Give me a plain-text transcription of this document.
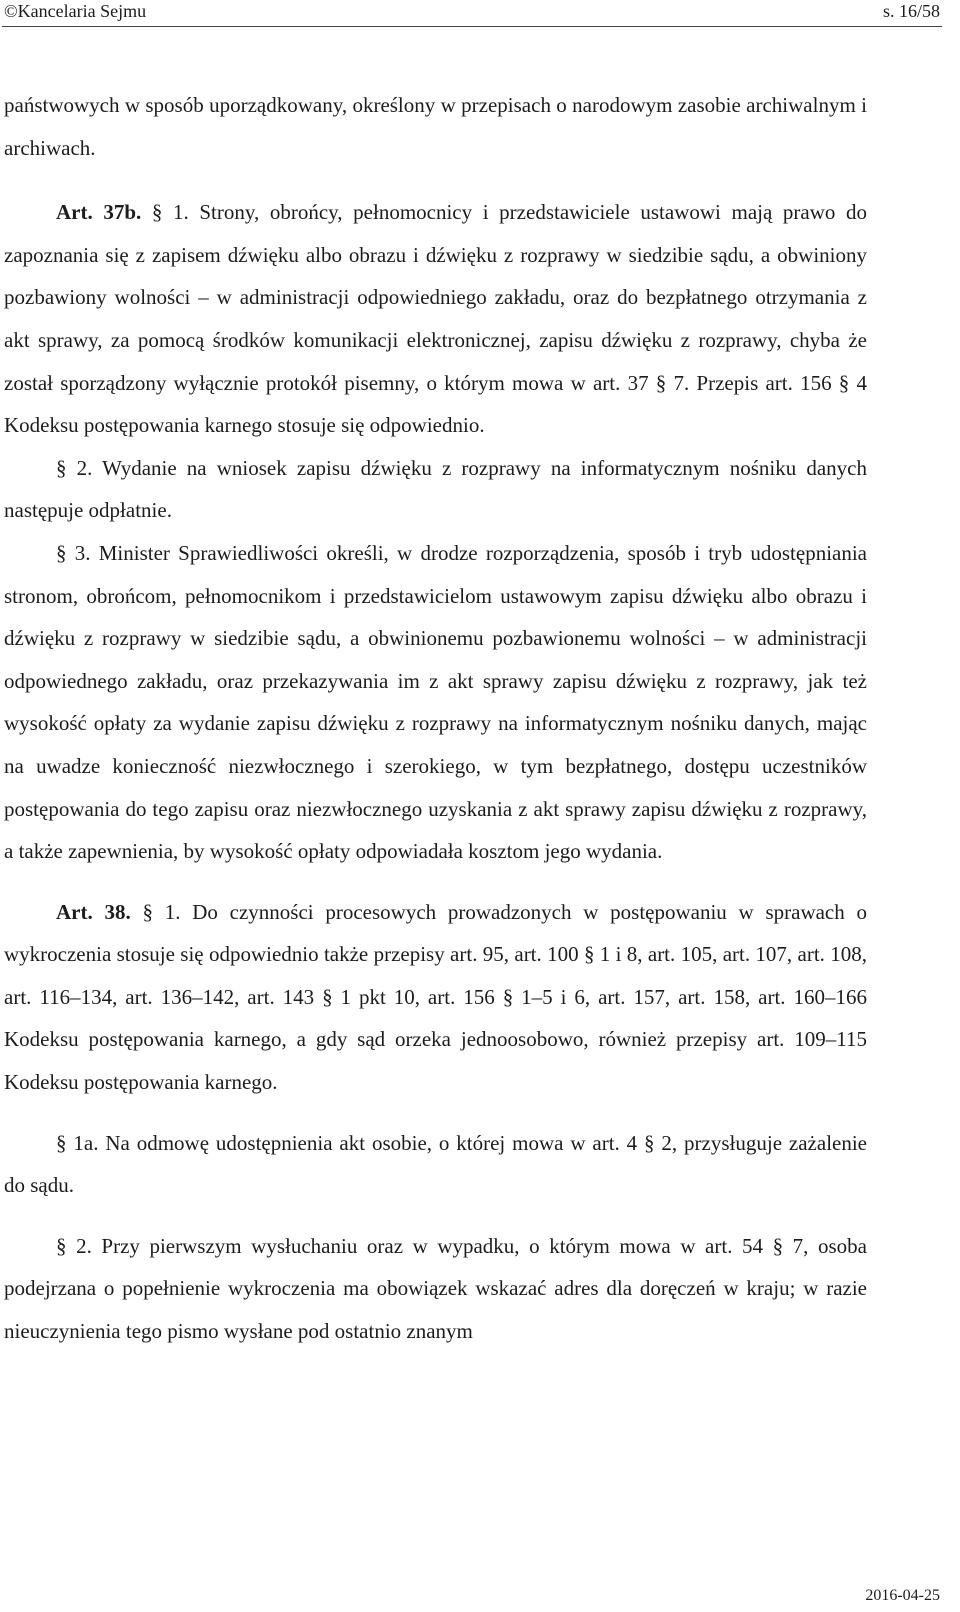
©Kancelaria Sejmu	s. 16/58

państwowych w sposób uporządkowany, określony w przepisach o narodowym zasobie archiwalnym i archiwach.

Art. 37b. § 1. Strony, obrońcy, pełnomocnicy i przedstawiciele ustawowi mają prawo do zapoznania się z zapisem dźwięku albo obrazu i dźwięku z rozprawy w siedzibie sądu, a obwiniony pozbawiony wolności – w administracji odpowiedniego zakładu, oraz do bezpłatnego otrzymania z akt sprawy, za pomocą środków komunikacji elektronicznej, zapisu dźwięku z rozprawy, chyba że został sporządzony wyłącznie protokół pisemny, o którym mowa w art. 37 § 7. Przepis art. 156 § 4 Kodeksu postępowania karnego stosuje się odpowiednio.

§ 2. Wydanie na wniosek zapisu dźwięku z rozprawy na informatycznym nośniku danych następuje odpłatnie.

§ 3. Minister Sprawiedliwości określi, w drodze rozporządzenia, sposób i tryb udostępniania stronom, obrońcom, pełnomocnikom i przedstawicielom ustawowym zapisu dźwięku albo obrazu i dźwięku z rozprawy w siedzibie sądu, a obwinionemu pozbawionemu wolności – w administracji odpowiednego zakładu, oraz przekazywania im z akt sprawy zapisu dźwięku z rozprawy, jak też wysokość opłaty za wydanie zapisu dźwięku z rozprawy na informatycznym nośniku danych, mając na uwadze konieczność niezwłocznego i szerokiego, w tym bezpłatnego, dostępu uczestników postępowania do tego zapisu oraz niezwłocznego uzyskania z akt sprawy zapisu dźwięku z rozprawy, a także zapewnienia, by wysokość opłaty odpowiadała kosztom jego wydania.

Art. 38. § 1. Do czynności procesowych prowadzonych w postępowaniu w sprawach o wykroczenia stosuje się odpowiednio także przepisy art. 95, art. 100 § 1 i 8, art. 105, art. 107, art. 108, art. 116–134, art. 136–142, art. 143 § 1 pkt 10, art. 156 § 1–5 i 6, art. 157, art. 158, art. 160–166 Kodeksu postępowania karnego, a gdy sąd orzeka jednoosobowo, również przepisy art. 109–115 Kodeksu postępowania karnego.

§ 1a. Na odmowę udostępnienia akt osobie, o której mowa w art. 4 § 2, przysługuje zażalenie do sądu.

§ 2. Przy pierwszym wysłuchaniu oraz w wypadku, o którym mowa w art. 54 § 7, osoba podejrzana o popełnienie wykroczenia ma obowiązek wskazać adres dla doręczeń w kraju; w razie nieuczynienia tego pismo wysłane pod ostatnio znanym

2016-04-25
